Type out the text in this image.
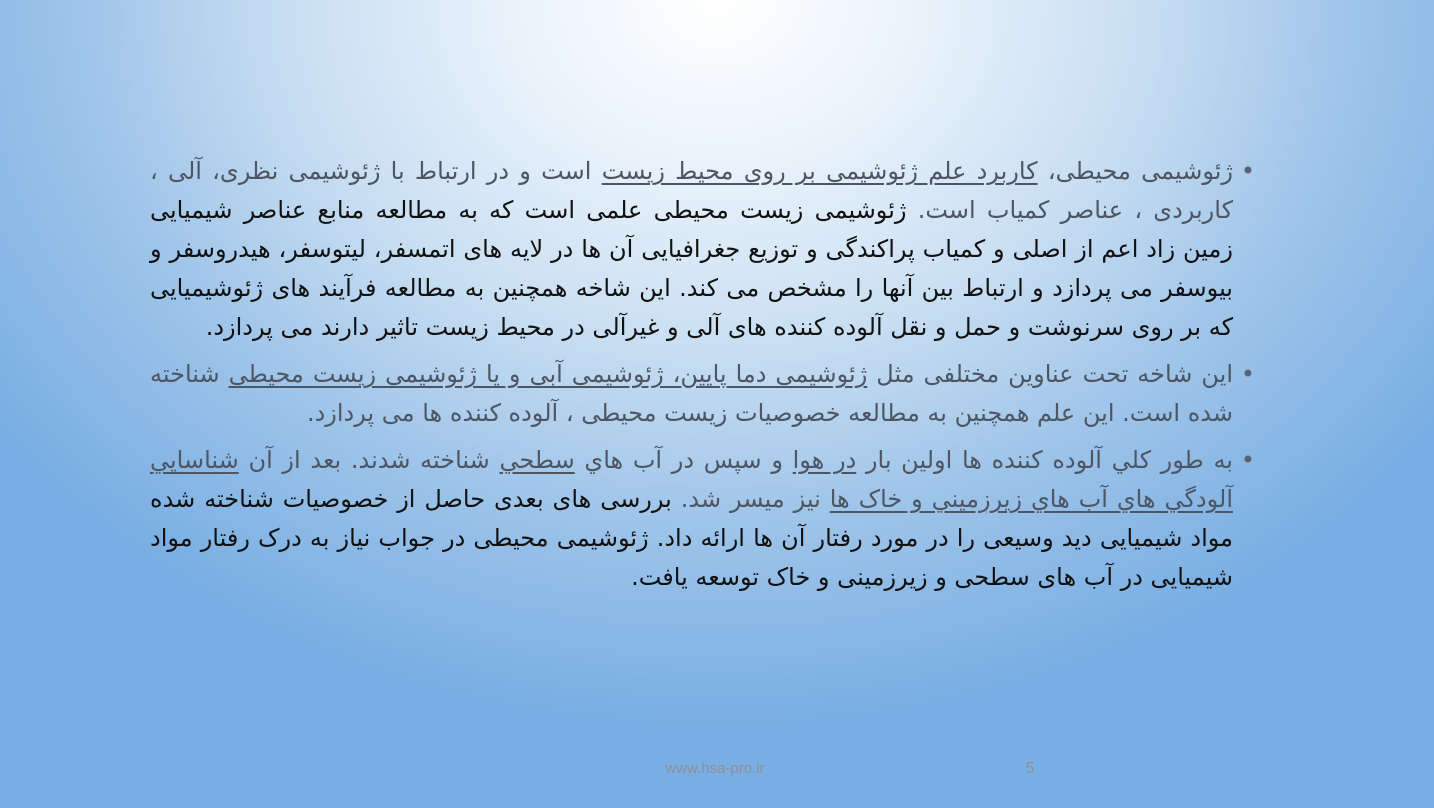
•
ژئوشیمی محیطی، کاربرد علم ژئوشیمی بر روی محیط زیست است و در ارتباط با ژئوشیمی نظری، آلی ، کاربردی ، عناصر کمیاب است. ژئوشیمی زیست محیطی علمی است که به مطالعه منابع عناصر شیمیایی زمین زاد اعم از اصلی و کمیاب پراکندگی و توزیع جغرافیایی آن ها در لایه های اتمسفر، لیتوسفر، هیدروسفر و بیوسفر می پردازد و ارتباط بین آنها را مشخص می کند. این شاخه همچنین به مطالعه فرآیند های ژئوشیمیایی که بر روی سرنوشت و حمل و نقل آلوده کننده های آلی و غیرآلی در محیط زیست تاثیر دارند می پردازد.
•
این شاخه تحت عناوین مختلفی مثل ژئوشیمی دما پایین، ژئوشیمی آبی و یا ژئوشیمی زیست محیطی شناخته شده است. این علم همچنین به مطالعه خصوصیات زیست محیطی ، آلوده کننده ها می پردازد.
•
به طور کلي آلوده کننده ها اولين بار در هوا و سپس در آب هاي سطحي شناخته شدند. بعد از آن شناسايي آلودگي هاي آب هاي زيرزميني و خاک ها نيز ميسر شد. بررسی های بعدی حاصل از خصوصیات شناخته شده مواد شیمیایی دید وسیعی را در مورد رفتار آن ها ارائه داد. ژئوشیمی محیطی در جواب نیاز به درک رفتار مواد شیمیایی در آب های سطحی و زیرزمینی و خاک توسعه یافت.
www.hsa-pro.ir	5
